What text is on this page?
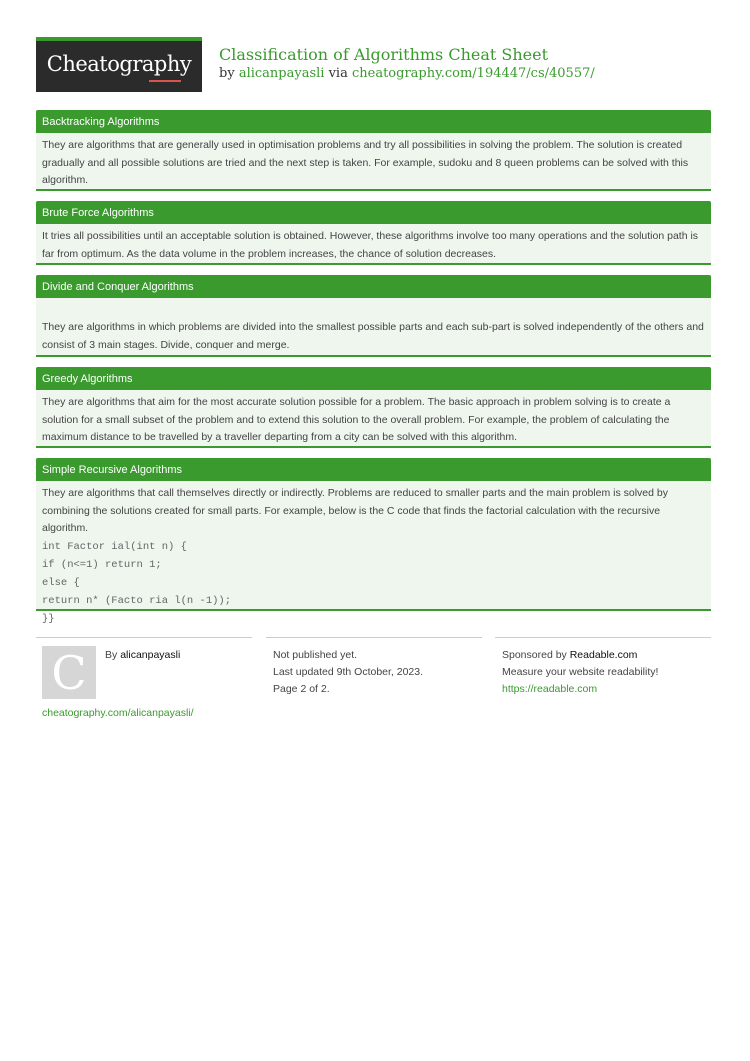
Cheatography	Classification of Algorithms Cheat Sheet
by alicanpayasli via cheatography.com/194447/cs/40557/
Backtracking Algorithms
They are algorithms that are generally used in optimisation problems and try all possibilities in solving the problem. The solution is created gradually and all possible solutions are tried and the next step is taken. For example, sudoku and 8 queen problems can be solved with this algorithm.
Brute Force Algorithms
It tries all possibilities until an acceptable solution is obtained. However, these algorithms involve too many operations and the solution path is far from optimum. As the data volume in the problem increases, the chance of solution decreases.
Divide and Conquer Algorithms
They are algorithms in which problems are divided into the smallest possible parts and each sub-part is solved independently of the others and consist of 3 main stages. Divide, conquer and merge.
Greedy Algorithms
They are algorithms that aim for the most accurate solution possible for a problem. The basic approach in problem solving is to create a solution for a small subset of the problem and to extend this solution to the overall problem. For example, the problem of calculating the maximum distance to be travelled by a traveller departing from a city can be solved with this algorithm.
Simple Recursive Algorithms
They are algorithms that call themselves directly or indirectly. Problems are reduced to smaller parts and the main problem is solved by combining the solutions created for small parts. For example, below is the C code that finds the factorial calculation with the recursive algorithm.
int Factor ial(int n) {
if (n<=1) return 1;
else {
return n* (Facto ria l(n -1));
}}
C	By alicanpayasli
cheatography.com/alicanpayasli/
Not published yet.
Last updated 9th October, 2023.
Page 2 of 2.
Sponsored by Readable.com
Measure your website readability!
https://readable.com
